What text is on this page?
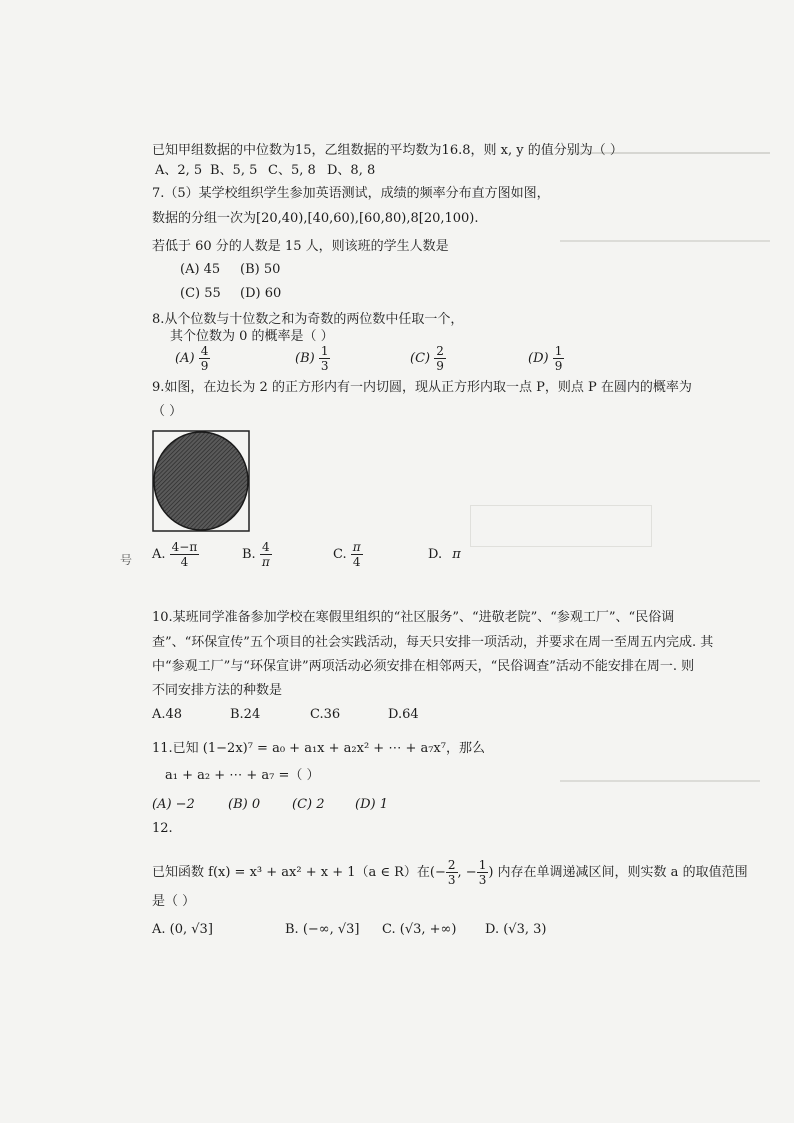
已知甲组数据的中位数为15，乙组数据的平均数为16.8，则 x, y 的值分别为（ ）
A、2, 5 B、5, 5 C、5, 8 D、8, 8
7.（5）某学校组织学生参加英语测试，成绩的频率分布直方图如图，
数据的分组一次为[20,40),[40,60),[60,80),8[20,100).
若低于 60 分的人数是 15 人，则该班的学生人数是
(A) 45 (B) 50
(C) 55 (D) 60
8.从个位数与十位数之和为奇数的两位数中任取一个，
其个位数为 0 的概率是（ ）
$(A) \frac{4}{9}$	$(B) \frac{1}{3}$	$(C) \frac{2}{9}$	$(D) \frac{1}{9}$
9.如图，在边长为 2 的正方形内有一内切圆，现从正方形内取一点 P，则点 P 在圆内的概率为
（ ）
号 A. $\frac{4-\pi}{4}$	B. $\frac{4}{\pi}$	C. $\frac{\pi}{4}$	D. π
10.某班同学准备参加学校在寒假里组织的“社区服务”、“进敬老院”、“参观工厂”、“民俗调
查”、“环保宣传”五个项目的社会实践活动，每天只安排一项活动，并要求在周一至周五内完成. 其
中“参观工厂”与“环保宣讲”两项活动必须安排在相邻两天，“民俗调查”活动不能安排在周一. 则
不同安排方法的种数是
A.48	B.24	C.36	D.64
11.已知 (1−2x)⁷ = a₀ + a₁x + a₂x² + ⋯ + a₇x⁷，那么
a₁ + a₂ + ⋯ + a₇ =（ ）
(A) −2	(B) 0 (C) 2 (D) 1
12.
已知函数 f(x) = x³ + ax² + x + 1（a ∈ R）在(− $\frac{2}{3}$ , − $\frac{1}{3}$ ) 内存在单调递减区间，则实数 a 的取值范围
是（ ）
A. (0, √3]	B. (−∞, √3] C. (√3, +∞) D. (√3, 3)
